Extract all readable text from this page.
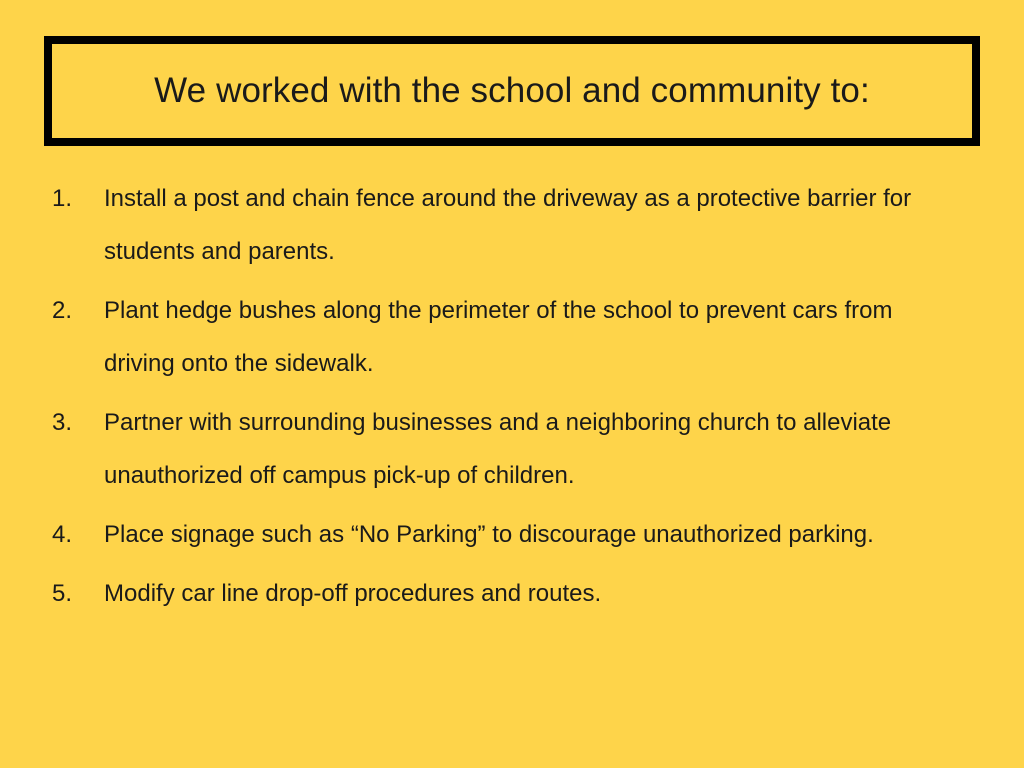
We worked with the school and community to:
1.	Install a post and chain fence around the driveway as a protective barrier for students and parents.
2.	Plant hedge bushes along the perimeter of the school to prevent cars from driving onto the sidewalk.
3.	Partner with surrounding businesses and a neighboring church to alleviate unauthorized off campus pick-up of children.
4.	Place signage such as “No Parking” to discourage unauthorized parking.
5.	Modify car line drop-off procedures and routes.
